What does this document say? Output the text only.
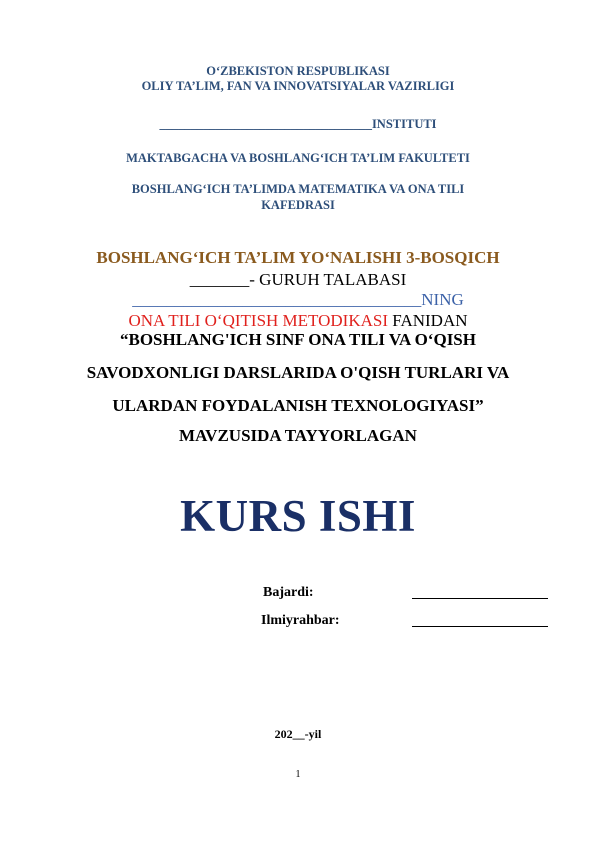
O‘ZBEKISTON RESPUBLIKASI
OLIY TA’LIM, FAN VA INNOVATSIYALAR VAZIRLIGI
__________________________________INSTITUTI
MAKTABGACHA VA BOSHLANG‘ICH TA’LIM FAKULTETI
BOSHLANG‘ICH TA’LIMDA MATEMATIKA VA ONA TILI
KAFEDRASI
BOSHLANG‘ICH TA’LIM YO‘NALISHI 3-BOSQICH
_______- GURUH TALABASI
__________________________________NING
ONA TILI O‘QITISH METODIKASI FANIDAN
“BOSHLANG'ICH SINF ONA TILI VA O‘QISH
SAVODXONLIGI DARSLARIDA O'QISH TURLARI VA
ULARDAN FOYDALANISH TEXNOLOGIYASI”
MAVZUSIDA TAYYORLAGAN
KURS ISHI
Bajardi:
Ilmiyrahbar:
202__-yil
1
